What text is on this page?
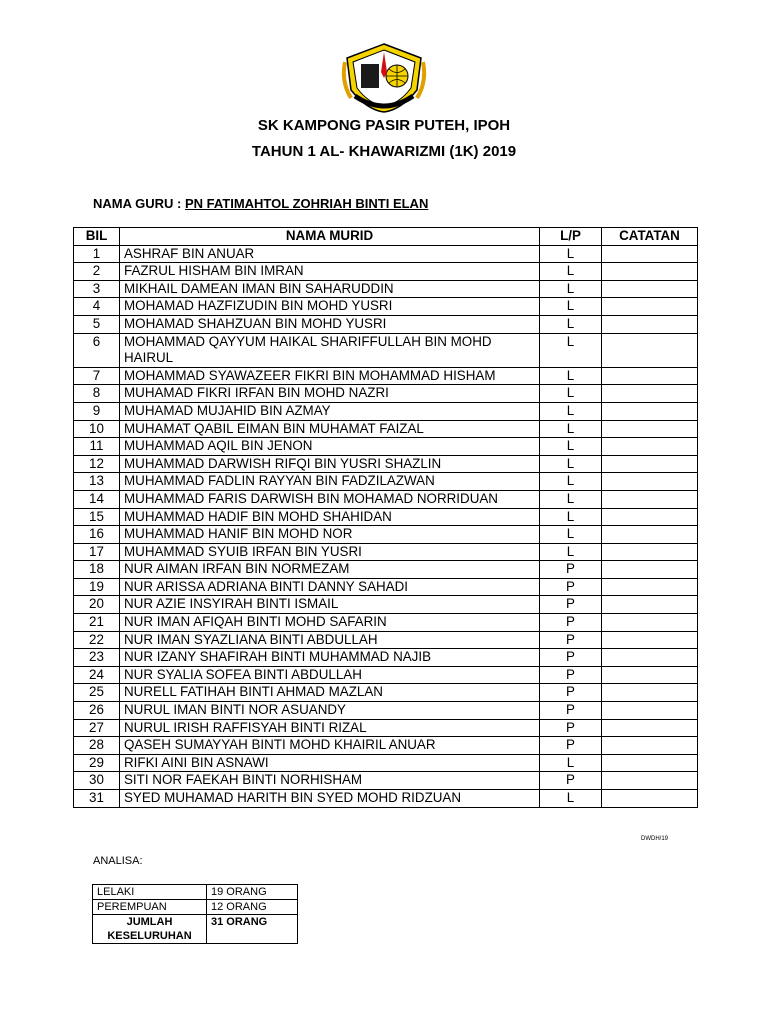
SK KAMPONG PASIR PUTEH, IPOH
TAHUN 1 AL- KHAWARIZMI (1K) 2019
NAMA GURU : PN FATIMAHTOL ZOHRIAH BINTI ELAN
BIL	NAMA MURID	L/P	CATATAN
1	ASHRAF BIN ANUAR	L	
2	FAZRUL HISHAM BIN IMRAN	L	
3	MIKHAIL DAMEAN IMAN BIN SAHARUDDIN	L	
4	MOHAMAD HAZFIZUDIN BIN MOHD YUSRI	L	
5	MOHAMAD SHAHZUAN BIN MOHD YUSRI	L	
6	MOHAMMAD QAYYUM HAIKAL SHARIFFULLAH BIN MOHD HAIRUL	L	
7	MOHAMMAD SYAWAZEER FIKRI BIN MOHAMMAD HISHAM	L	
8	MUHAMAD FIKRI IRFAN BIN MOHD NAZRI	L	
9	MUHAMAD MUJAHID BIN AZMAY	L	
10	MUHAMAT QABIL EIMAN BIN MUHAMAT FAIZAL	L	
11	MUHAMMAD AQIL BIN JENON	L	
12	MUHAMMAD DARWISH RIFQI BIN YUSRI SHAZLIN	L	
13	MUHAMMAD FADLIN RAYYAN BIN FADZILAZWAN	L	
14	MUHAMMAD FARIS DARWISH BIN MOHAMAD NORRIDUAN	L	
15	MUHAMMAD HADIF BIN MOHD SHAHIDAN	L	
16	MUHAMMAD HANIF BIN MOHD NOR	L	
17	MUHAMMAD SYUIB IRFAN BIN YUSRI	L	
18	NUR AIMAN IRFAN BIN NORMEZAM	P	
19	NUR ARISSA ADRIANA BINTI DANNY SAHADI	P	
20	NUR AZIE INSYIRAH BINTI ISMAIL	P	
21	NUR IMAN AFIQAH BINTI MOHD SAFARIN	P	
22	NUR IMAN SYAZLIANA BINTI ABDULLAH	P	
23	NUR IZANY SHAFIRAH BINTI MUHAMMAD NAJIB	P	
24	NUR SYALIA SOFEA BINTI ABDULLAH	P	
25	NURELL FATIHAH BINTI AHMAD MAZLAN	P	
26	NURUL IMAN BINTI NOR ASUANDY	P	
27	NURUL IRISH RAFFISYAH BINTI RIZAL	P	
28	QASEH SUMAYYAH BINTI MOHD KHAIRIL ANUAR	P	
29	RIFKI AINI BIN ASNAWI	L	
30	SITI NOR FAEKAH BINTI NORHISHAM	P	
31	SYED MUHAMAD HARITH BIN SYED MOHD RIDZUAN	L	
DWDH/19
ANALISA:
LELAKI	19 ORANG
PEREMPUAN	12 ORANG
JUMLAH KESELURUHAN	31 ORANG
